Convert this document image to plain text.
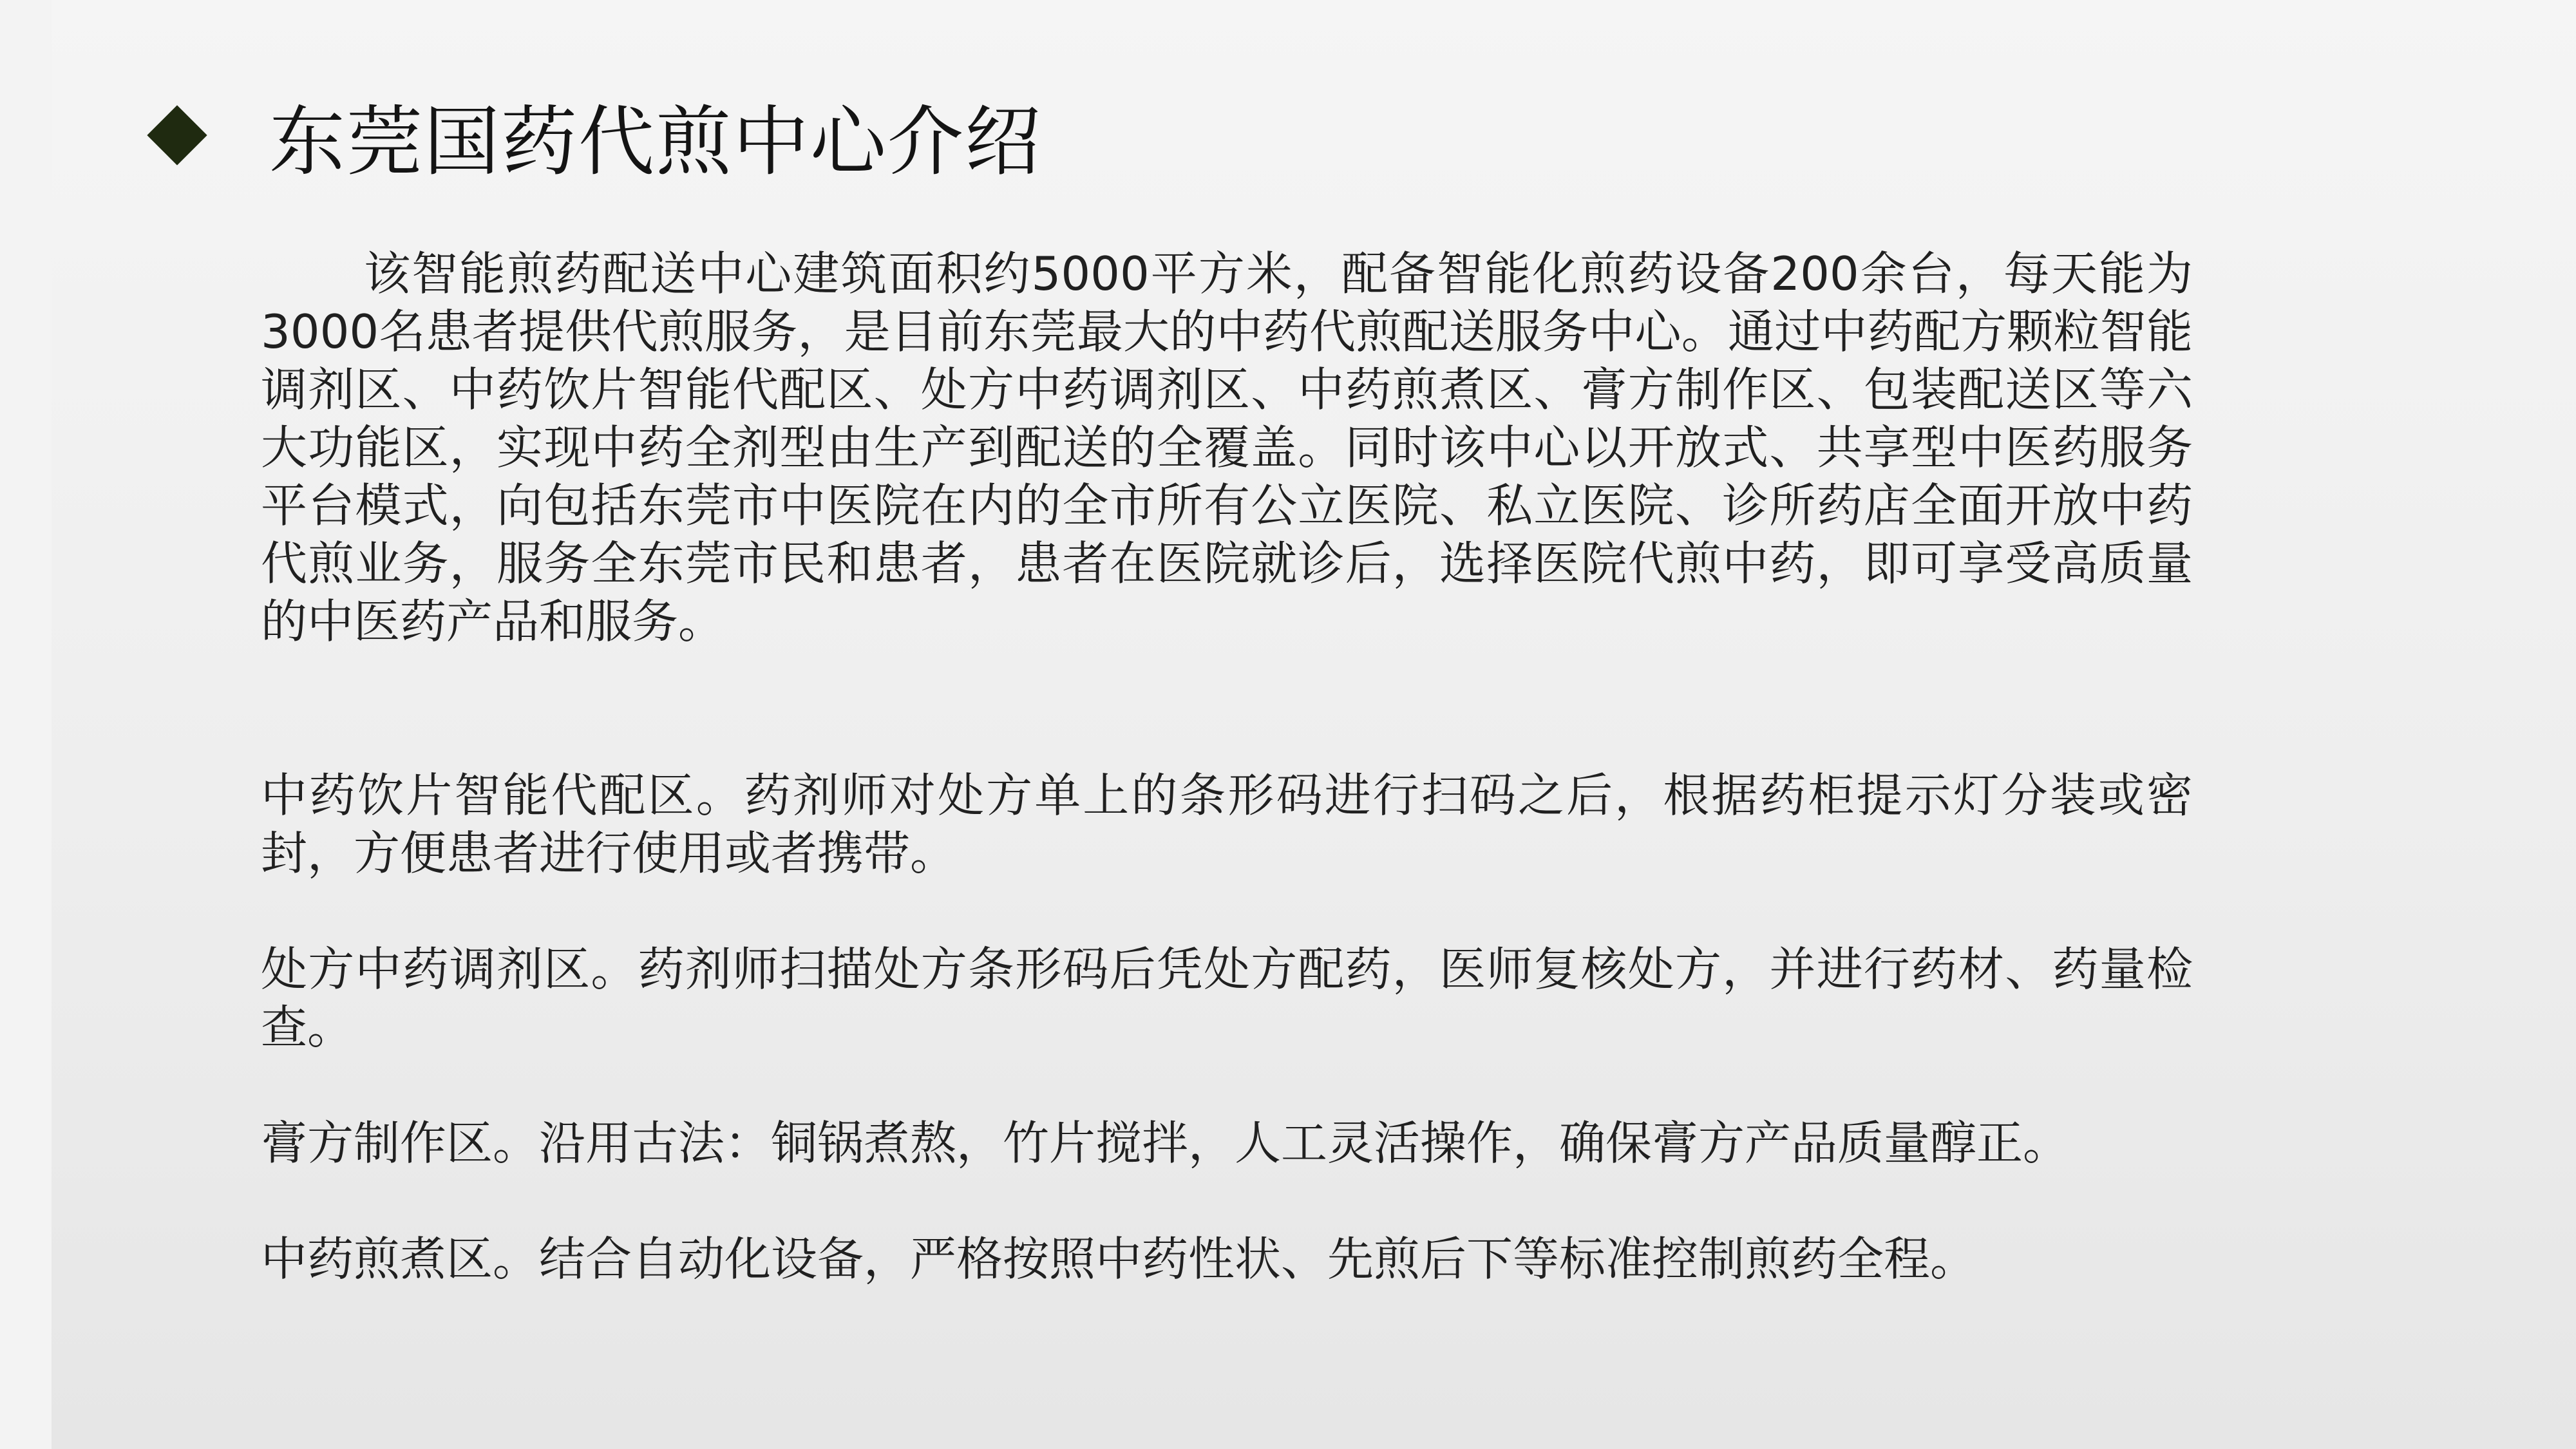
东莞国药代煎中心介绍

该智能煎药配送中心建筑面积约5000平方米，配备智能化煎药设备200余台，每天能为3000名患者提供代煎服务，是目前东莞最大的中药代煎配送服务中心。通过中药配方颗粒智能调剂区、中药饮片智能代配区、处方中药调剂区、中药煎煮区、膏方制作区、包装配送区等六大功能区，实现中药全剂型由生产到配送的全覆盖。同时该中心以开放式、共享型中医药服务平台模式，向包括东莞市中医院在内的全市所有公立医院、私立医院、诊所药店全面开放中药代煎业务，服务全东莞市民和患者，患者在医院就诊后，选择医院代煎中药，即可享受高质量的中医药产品和服务。

中药饮片智能代配区。药剂师对处方单上的条形码进行扫码之后，根据药柜提示灯分装或密封，方便患者进行使用或者携带。

处方中药调剂区。药剂师扫描处方条形码后凭处方配药，医师复核处方，并进行药材、药量检查。

膏方制作区。沿用古法：铜锅煮熬，竹片搅拌，人工灵活操作，确保膏方产品质量醇正。

中药煎煮区。结合自动化设备，严格按照中药性状、先煎后下等标准控制煎药全程。
